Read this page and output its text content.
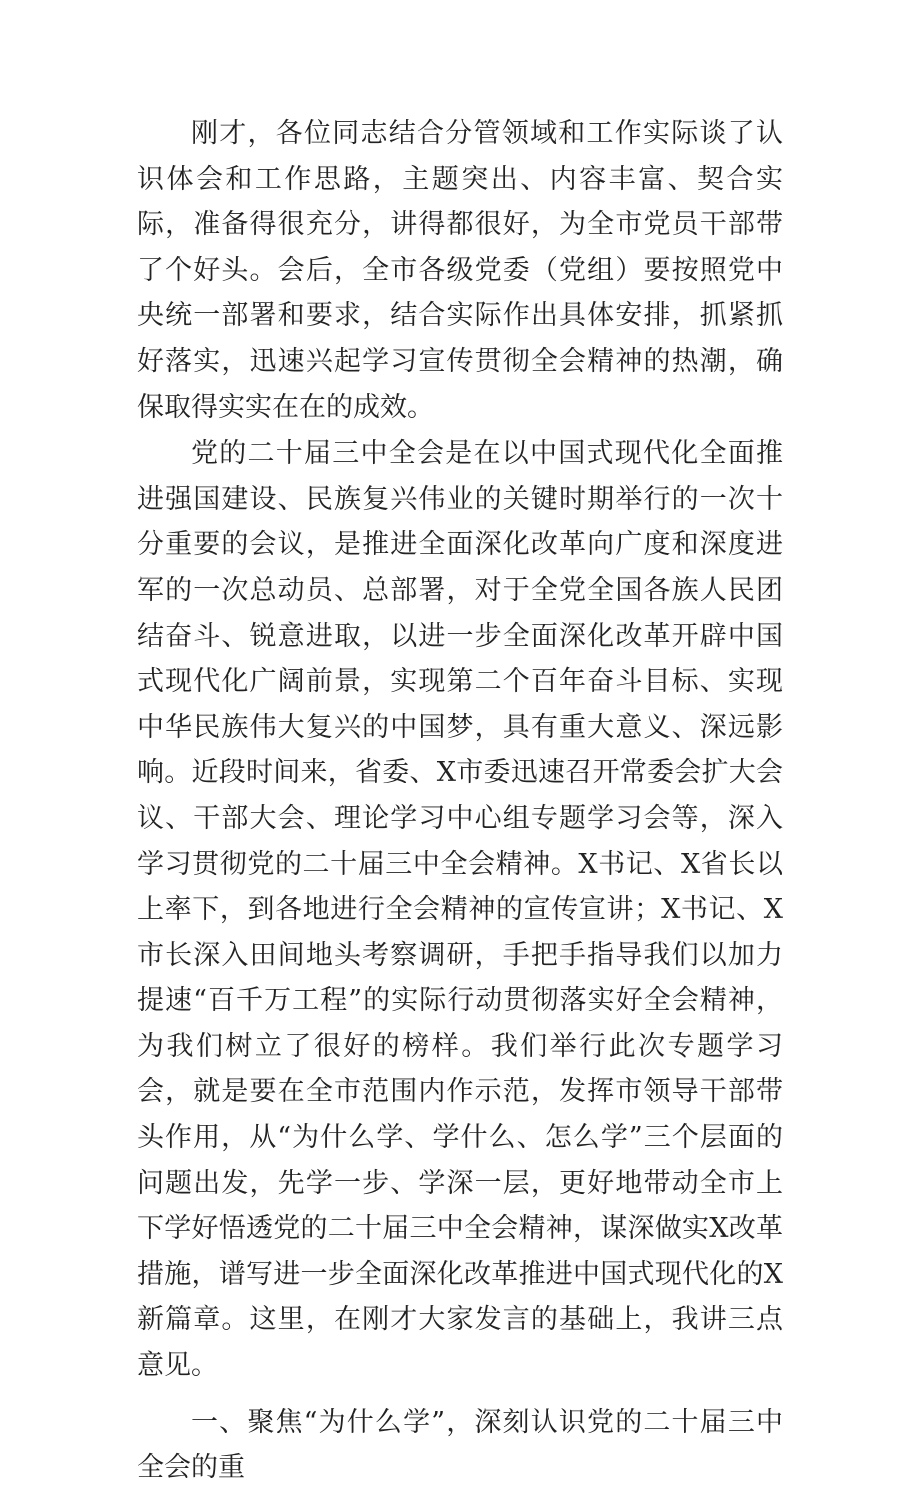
刚才，各位同志结合分管领域和工作实际谈了认识体会和工作思路，主题突出、内容丰富、契合实际，准备得很充分，讲得都很好，为全市党员干部带了个好头。会后，全市各级党委（党组）要按照党中央统一部署和要求，结合实际作出具体安排，抓紧抓好落实，迅速兴起学习宣传贯彻全会精神的热潮，确保取得实实在在的成效。

党的二十届三中全会是在以中国式现代化全面推进强国建设、民族复兴伟业的关键时期举行的一次十分重要的会议，是推进全面深化改革向广度和深度进军的一次总动员、总部署，对于全党全国各族人民团结奋斗、锐意进取，以进一步全面深化改革开辟中国式现代化广阔前景，实现第二个百年奋斗目标、实现中华民族伟大复兴的中国梦，具有重大意义、深远影响。近段时间来，省委、X市委迅速召开常委会扩大会议、干部大会、理论学习中心组专题学习会等，深入学习贯彻党的二十届三中全会精神。X书记、X省长以上率下，到各地进行全会精神的宣传宣讲；X书记、X市长深入田间地头考察调研，手把手指导我们以加力提速“百千万工程”的实际行动贯彻落实好全会精神，为我们树立了很好的榜样。我们举行此次专题学习会，就是要在全市范围内作示范，发挥市领导干部带头作用，从“为什么学、学什么、怎么学”三个层面的问题出发，先学一步、学深一层，更好地带动全市上下学好悟透党的二十届三中全会精神，谋深做实X改革措施，谱写进一步全面深化改革推进中国式现代化的X新篇章。这里，在刚才大家发言的基础上，我讲三点意见。

一、聚焦“为什么学”，深刻认识党的二十届三中全会的重
